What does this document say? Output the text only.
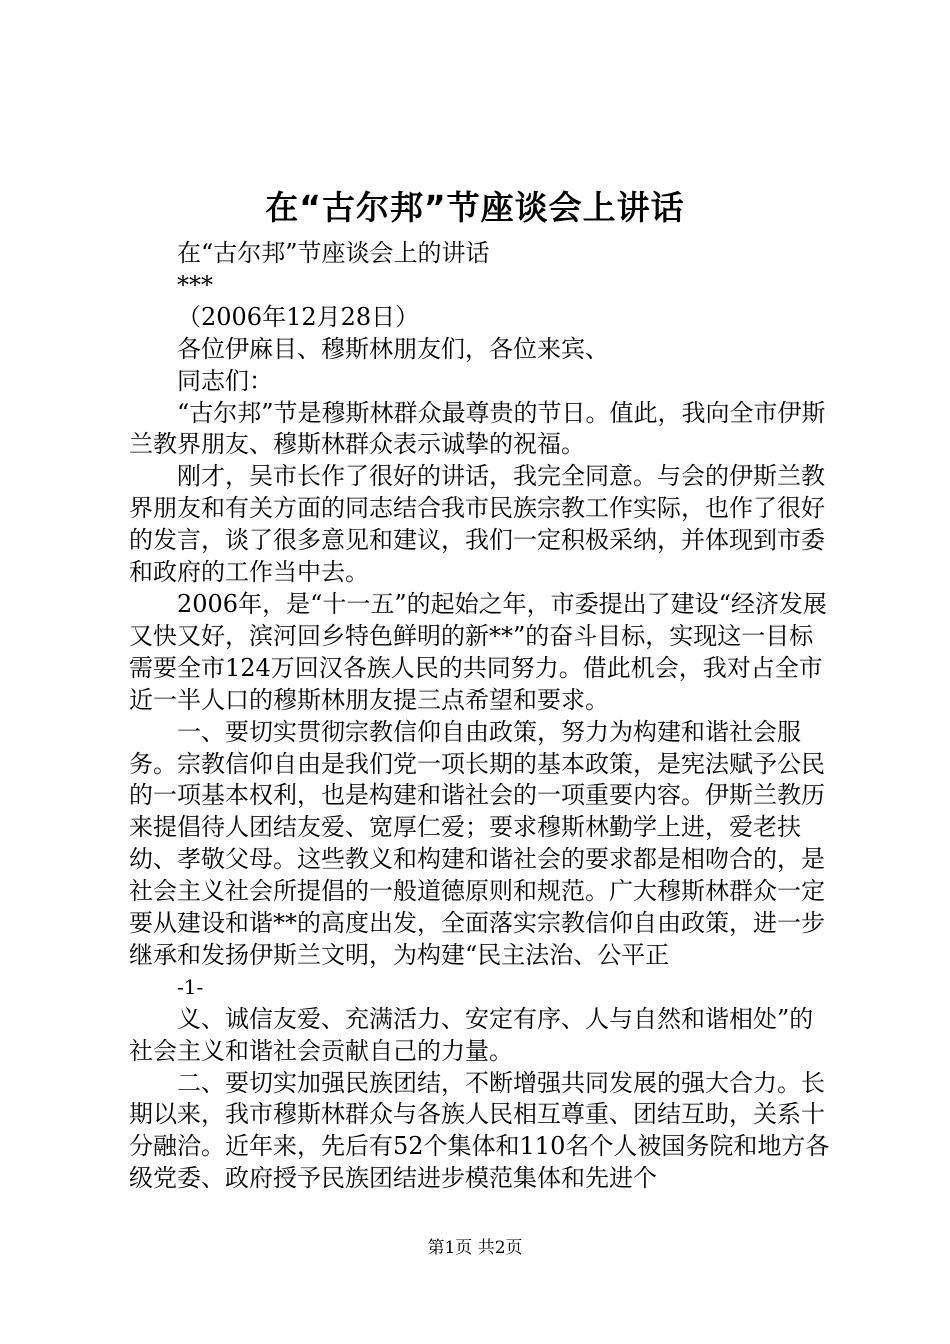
在“古尔邦”节座谈会上讲话

在“古尔邦”节座谈会上的讲话

***

（2006年12月28日）

各位伊麻目、穆斯林朋友们，各位来宾、

同志们：

“古尔邦”节是穆斯林群众最尊贵的节日。值此，我向全市伊斯兰教界朋友、穆斯林群众表示诚挚的祝福。

刚才，吴市长作了很好的讲话，我完全同意。与会的伊斯兰教界朋友和有关方面的同志结合我市民族宗教工作实际，也作了很好的发言，谈了很多意见和建议，我们一定积极采纳，并体现到市委和政府的工作当中去。

2006年，是“十一五”的起始之年，市委提出了建设“经济发展又快又好，滨河回乡特色鲜明的新**”的奋斗目标，实现这一目标需要全市124万回汉各族人民的共同努力。借此机会，我对占全市近一半人口的穆斯林朋友提三点希望和要求。

一、要切实贯彻宗教信仰自由政策，努力为构建和谐社会服务。宗教信仰自由是我们党一项长期的基本政策，是宪法赋予公民的一项基本权利，也是构建和谐社会的一项重要内容。伊斯兰教历来提倡待人团结友爱、宽厚仁爱；要求穆斯林勤学上进，爱老扶幼、孝敬父母。这些教义和构建和谐社会的要求都是相吻合的，是社会主义社会所提倡的一般道德原则和规范。广大穆斯林群众一定要从建设和谐**的高度出发，全面落实宗教信仰自由政策，进一步继承和发扬伊斯兰文明，为构建“民主法治、公平正

-1-

义、诚信友爱、充满活力、安定有序、人与自然和谐相处”的社会主义和谐社会贡献自己的力量。

二、要切实加强民族团结，不断增强共同发展的强大合力。长期以来，我市穆斯林群众与各族人民相互尊重、团结互助，关系十分融洽。近年来，先后有52个集体和110名个人被国务院和地方各级党委、政府授予民族团结进步模范集体和先进个

第1页 共2页
